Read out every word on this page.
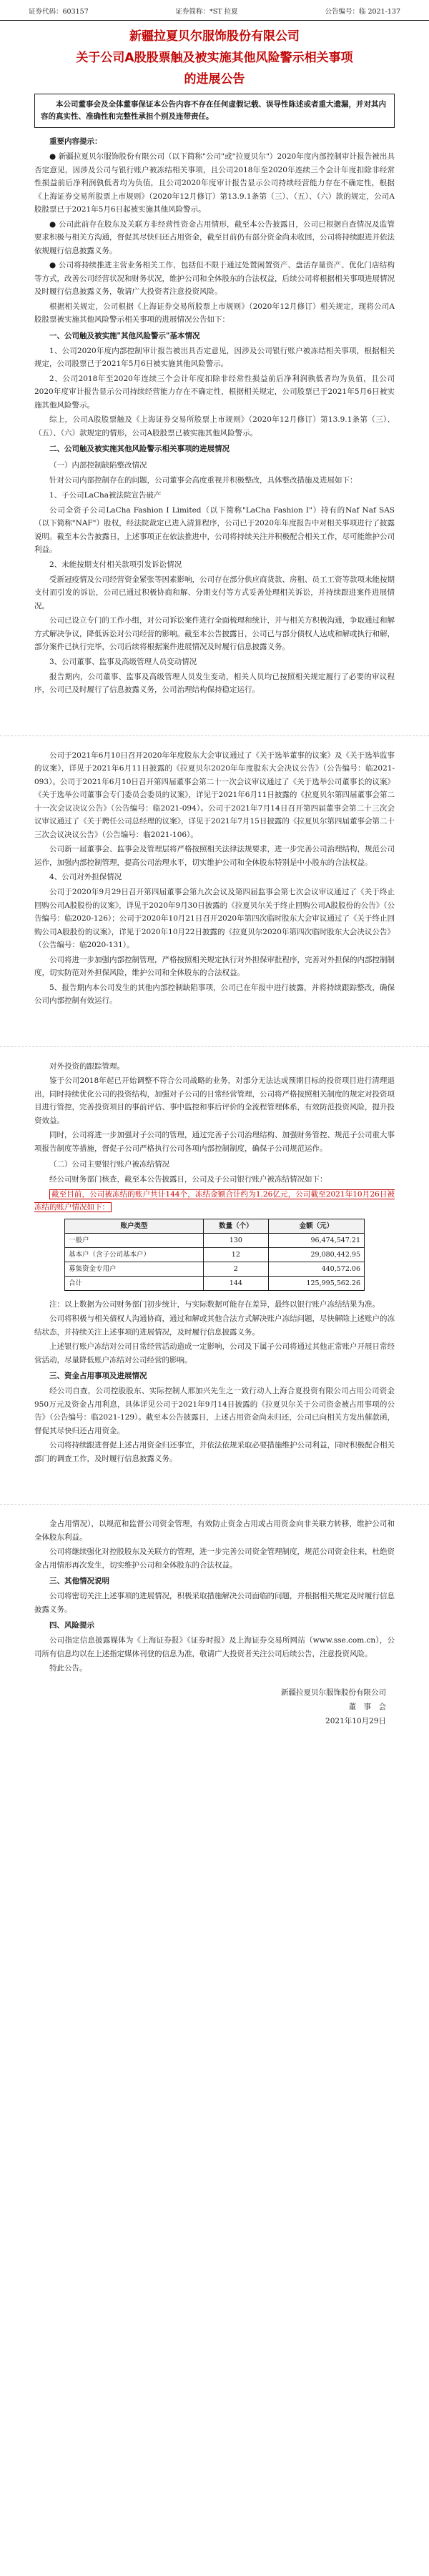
证券代码：603157	证券简称：*ST 拉夏	公告编号：临 2021-137
新疆拉夏贝尔服饰股份有限公司
关于公司A股股票触及被实施其他风险警示相关事项
的进展公告
本公司董事会及全体董事保证本公告内容不存在任何虚假记载、误导性陈述或者重大遗漏，并对其内容的真实性、准确性和完整性承担个别及连带责任。

重要内容提示：

● 新疆拉夏贝尔服饰股份有限公司（以下简称"公司"或"拉夏贝尔"）2020年度内部控制审计报告被出具否定意见，因涉及公司与银行账户被冻结相关事项，且公司2018年至2020年连续三个会计年度扣除非经常性损益前后净利润孰低者均为负值，且公司2020年度审计报告显示公司持续经营能力存在不确定性，根据《上海证券交易所股票上市规则》（2020年12月修订）第13.9.1条第（三）、（五）、（六）款的规定，公司A股股票已于2021年5月6日起被实施其他风险警示。

● 公司此前存在股东及关联方非经营性资金占用情形，截至本公告披露日，公司已根据自查情况及监管要求积极与相关方沟通，督促其尽快归还占用资金，截至目前仍有部分资金尚未收回，公司将持续跟进并依法依规履行信息披露义务。

● 公司将持续推进主营业务相关工作，包括但不限于通过处置闲置资产、盘活存量资产、优化门店结构等方式，改善公司经营状况和财务状况，维护公司和全体股东的合法权益，后续公司将根据相关事项进展情况及时履行信息披露义务，敬请广大投资者注意投资风险。

根据相关规定，公司根据《上海证券交易所股票上市规则》（2020年12月修订）相关规定，现将公司A股股票被实施其他风险警示相关事项的进展情况公告如下：

一、公司触及被实施"其他风险警示"基本情况

1、公司2020年度内部控制审计报告被出具否定意见，因涉及公司银行账户被冻结相关事项，根据相关规定，公司股票已于2021年5月6日被实施其他风险警示。

2、公司2018年至2020年连续三个会计年度扣除非经常性损益前后净利润孰低者均为负值，且公司2020年度审计报告显示公司持续经营能力存在不确定性，根据相关规定，公司股票已于2021年5月6日被实施其他风险警示。

综上，公司A股股票触及《上海证券交易所股票上市规则》（2020年12月修订）第13.9.1条第（三）、（五）、（六）款规定的情形，公司A股股票已被实施其他风险警示。

二、公司触及被实施其他风险警示相关事项的进展情况

（一）内部控制缺陷整改情况

针对公司内部控制存在的问题，公司董事会高度重视并积极整改，具体整改措施及进展如下：

1、子公司LaCha被法院宣告破产

公司全资子公司LaCha Fashion I Limited（以下简称"LaCha Fashion I"）持有的Naf Naf SAS（以下简称"NAF"）股权，经法院裁定已进入清算程序，公司已于2020年年度报告中对相关事项进行了披露说明。截至本公告披露日，上述事项正在依法推进中，公司将持续关注并积极配合相关工作，尽可能维护公司利益。

2、未能按期支付相关款项引发诉讼情况

受新冠疫情及公司经营资金紧张等因素影响，公司存在部分供应商货款、房租、员工工资等款项未能按期支付而引发的诉讼，公司已通过积极协商和解、分期支付等方式妥善处理相关诉讼，并持续跟进案件进展情况。

公司已设立专门的工作小组，对公司诉讼案件进行全面梳理和统计，并与相关方积极沟通，争取通过和解方式解决争议，降低诉讼对公司经营的影响。截至本公告披露日，公司已与部分债权人达成和解或执行和解，部分案件已执行完毕，公司后续将根据案件进展情况及时履行信息披露义务。

3、公司董事、监事及高级管理人员变动情况

报告期内，公司董事、监事及高级管理人员发生变动，相关人员均已按照相关规定履行了必要的审议程序，公司已及时履行了信息披露义务，公司治理结构保持稳定运行。

公司于2021年6月10日召开2020年年度股东大会审议通过了《关于选举董事的议案》及《关于选举监事的议案》，详见于2021年6月11日披露的《拉夏贝尔2020年年度股东大会决议公告》（公告编号：临2021-093）。公司于2021年6月10日召开第四届董事会第二十一次会议审议通过了《关于选举公司董事长的议案》《关于选举公司董事会专门委员会委员的议案》，详见于2021年6月11日披露的《拉夏贝尔第四届董事会第二十一次会议决议公告》（公告编号：临2021-094）。公司于2021年7月14日召开第四届董事会第二十三次会议审议通过了《关于聘任公司总经理的议案》，详见于2021年7月15日披露的《拉夏贝尔第四届董事会第二十三次会议决议公告》（公告编号：临2021-106）。

公司新一届董事会、监事会及管理层将严格按照相关法律法规要求，进一步完善公司治理结构，规范公司运作，加强内部控制管理，提高公司治理水平，切实维护公司和全体股东特别是中小股东的合法权益。

4、公司对外担保情况

公司于2020年9月29日召开第四届董事会第九次会议及第四届监事会第七次会议审议通过了《关于终止回购公司A股股份的议案》，详见于2020年9月30日披露的《拉夏贝尔关于终止回购公司A股股份的公告》（公告编号：临2020-126）；公司于2020年10月21日召开2020年第四次临时股东大会审议通过了《关于终止回购公司A股股份的议案》，详见于2020年10月22日披露的《拉夏贝尔2020年第四次临时股东大会决议公告》（公告编号：临2020-131）。

公司将进一步加强内部控制管理，严格按照相关规定执行对外担保审批程序，完善对外担保的内部控制制度，切实防范对外担保风险，维护公司和全体股东的合法权益。

5、报告期内本公司发生的其他内部控制缺陷事项，公司已在年报中进行披露，并将持续跟踪整改，确保公司内部控制有效运行。

对外投资的跟踪管理。

鉴于公司2018年起已开始调整不符合公司战略的业务，对部分无法达成预期目标的投资项目进行清理退出，同时持续优化公司的投资结构，加强对子公司的日常经营管理，公司将严格按照相关制度的规定对投资项目进行管控，完善投资项目的事前评估、事中监控和事后评价的全流程管理体系，有效防范投资风险，提升投资效益。

同时，公司将进一步加强对子公司的管理，通过完善子公司治理结构、加强财务管控、规范子公司重大事项报告制度等措施，督促子公司严格执行公司各项内部控制制度，确保子公司规范运作。

（二）公司主要银行账户被冻结情况

经公司财务部门核查，截至本公告披露日，公司及子公司银行账户被冻结情况如下：

截至目前，公司被冻结的账户共计144个，冻结金额合计约为1.26亿元，公司截至2021年10月26日被冻结的账户情况如下：

账户类型	数量（个）	金额（元）
一般户	130	96,474,547.21
基本户（含子公司基本户）	12	29,080,442.95
募集资金专用户	2	440,572.06
合计	144	125,995,562.26

注：以上数据为公司财务部门初步统计，与实际数据可能存在差异，最终以银行账户冻结结果为准。

公司将积极与相关债权人沟通协商，通过和解或其他合法方式解决账户冻结问题，尽快解除上述账户的冻结状态，并持续关注上述事项的进展情况，及时履行信息披露义务。

上述银行账户冻结对公司日常经营活动造成一定影响，公司及下属子公司将通过其他正常账户开展日常经营活动，尽量降低账户冻结对公司经营的影响。

三、资金占用事项及进展情况

经公司自查，公司控股股东、实际控制人邢加兴先生之一致行动人上海合夏投资有限公司占用公司资金950万元及资金占用利息，具体详见公司于2021年9月14日披露的《拉夏贝尔关于公司资金被占用事项的公告》（公告编号：临2021-129）。截至本公告披露日，上述占用资金尚未归还，公司已向相关方发出催款函，督促其尽快归还占用资金。

公司将持续跟进督促上述占用资金归还事宜，并依法依规采取必要措施维护公司利益，同时积极配合相关部门的调查工作，及时履行信息披露义务。

金占用情况），以规范和监督公司资金管理，有效防止资金占用或占用资金向非关联方转移，维护公司和全体股东利益。

公司将继续强化对控股股东及关联方的管理，进一步完善公司资金管理制度，规范公司资金往来，杜绝资金占用情形再次发生，切实维护公司和全体股东的合法权益。

三、其他情况说明

公司将密切关注上述事项的进展情况，积极采取措施解决公司面临的问题，并根据相关规定及时履行信息披露义务。

四、风险提示

公司指定信息披露媒体为《上海证券报》《证券时报》及上海证券交易所网站（www.sse.com.cn），公司所有信息均以在上述指定媒体刊登的信息为准，敬请广大投资者关注公司后续公告，注意投资风险。

特此公告。

新疆拉夏贝尔服饰股份有限公司
董　事　会
2021年10月29日
